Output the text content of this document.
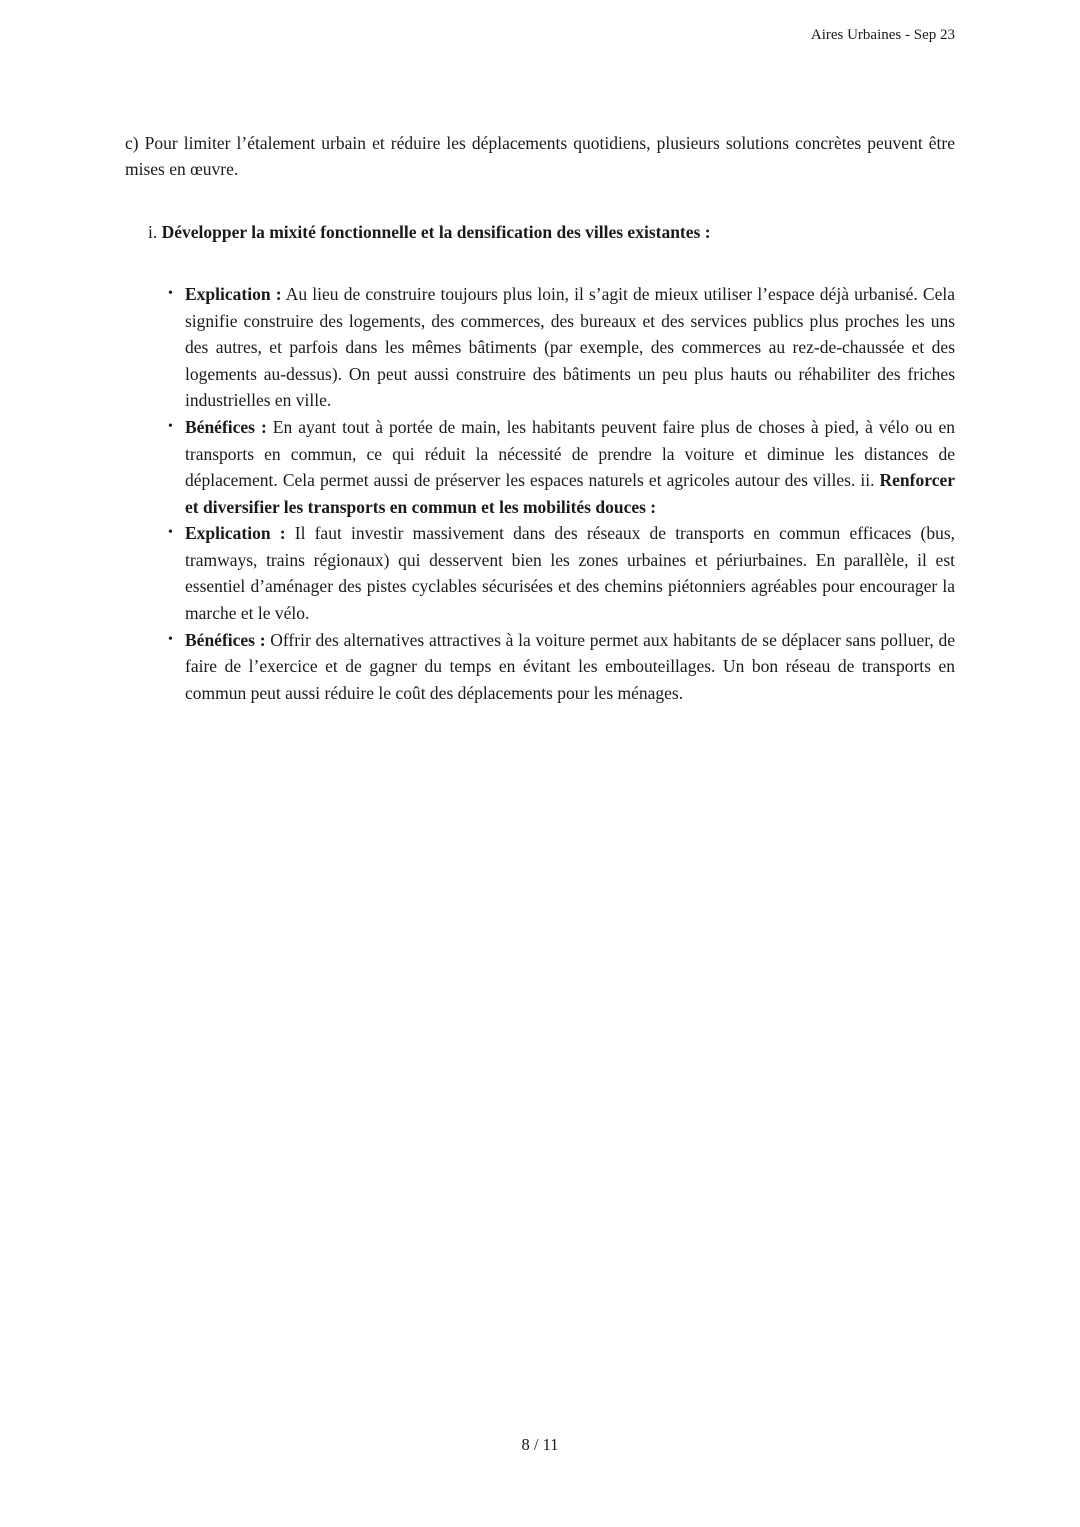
Aires Urbaines - Sep 23

c) Pour limiter l’étalement urbain et réduire les déplacements quotidiens, plusieurs solutions concrètes peuvent être mises en œuvre.

i. Développer la mixité fonctionnelle et la densification des villes existantes :

• Explication : Au lieu de construire toujours plus loin, il s’agit de mieux utiliser l’espace déjà urbanisé. Cela signifie construire des logements, des commerces, des bureaux et des services publics plus proches les uns des autres, et parfois dans les mêmes bâtiments (par exemple, des commerces au rez-de-chaussée et des logements au-dessus). On peut aussi construire des bâtiments un peu plus hauts ou réhabiliter des friches industrielles en ville.
• Bénéfices : En ayant tout à portée de main, les habitants peuvent faire plus de choses à pied, à vélo ou en transports en commun, ce qui réduit la nécessité de prendre la voiture et diminue les distances de déplacement. Cela permet aussi de préserver les espaces naturels et agricoles autour des villes. ii. Renforcer et diversifier les transports en commun et les mobilités douces :
• Explication : Il faut investir massivement dans des réseaux de transports en commun efficaces (bus, tramways, trains régionaux) qui desservent bien les zones urbaines et périurbaines. En parallèle, il est essentiel d’aménager des pistes cyclables sécurisées et des chemins piétonniers agréables pour encourager la marche et le vélo.
• Bénéfices : Offrir des alternatives attractives à la voiture permet aux habitants de se déplacer sans polluer, de faire de l’exercice et de gagner du temps en évitant les embouteillages. Un bon réseau de transports en commun peut aussi réduire le coût des déplacements pour les ménages.
8 / 11
